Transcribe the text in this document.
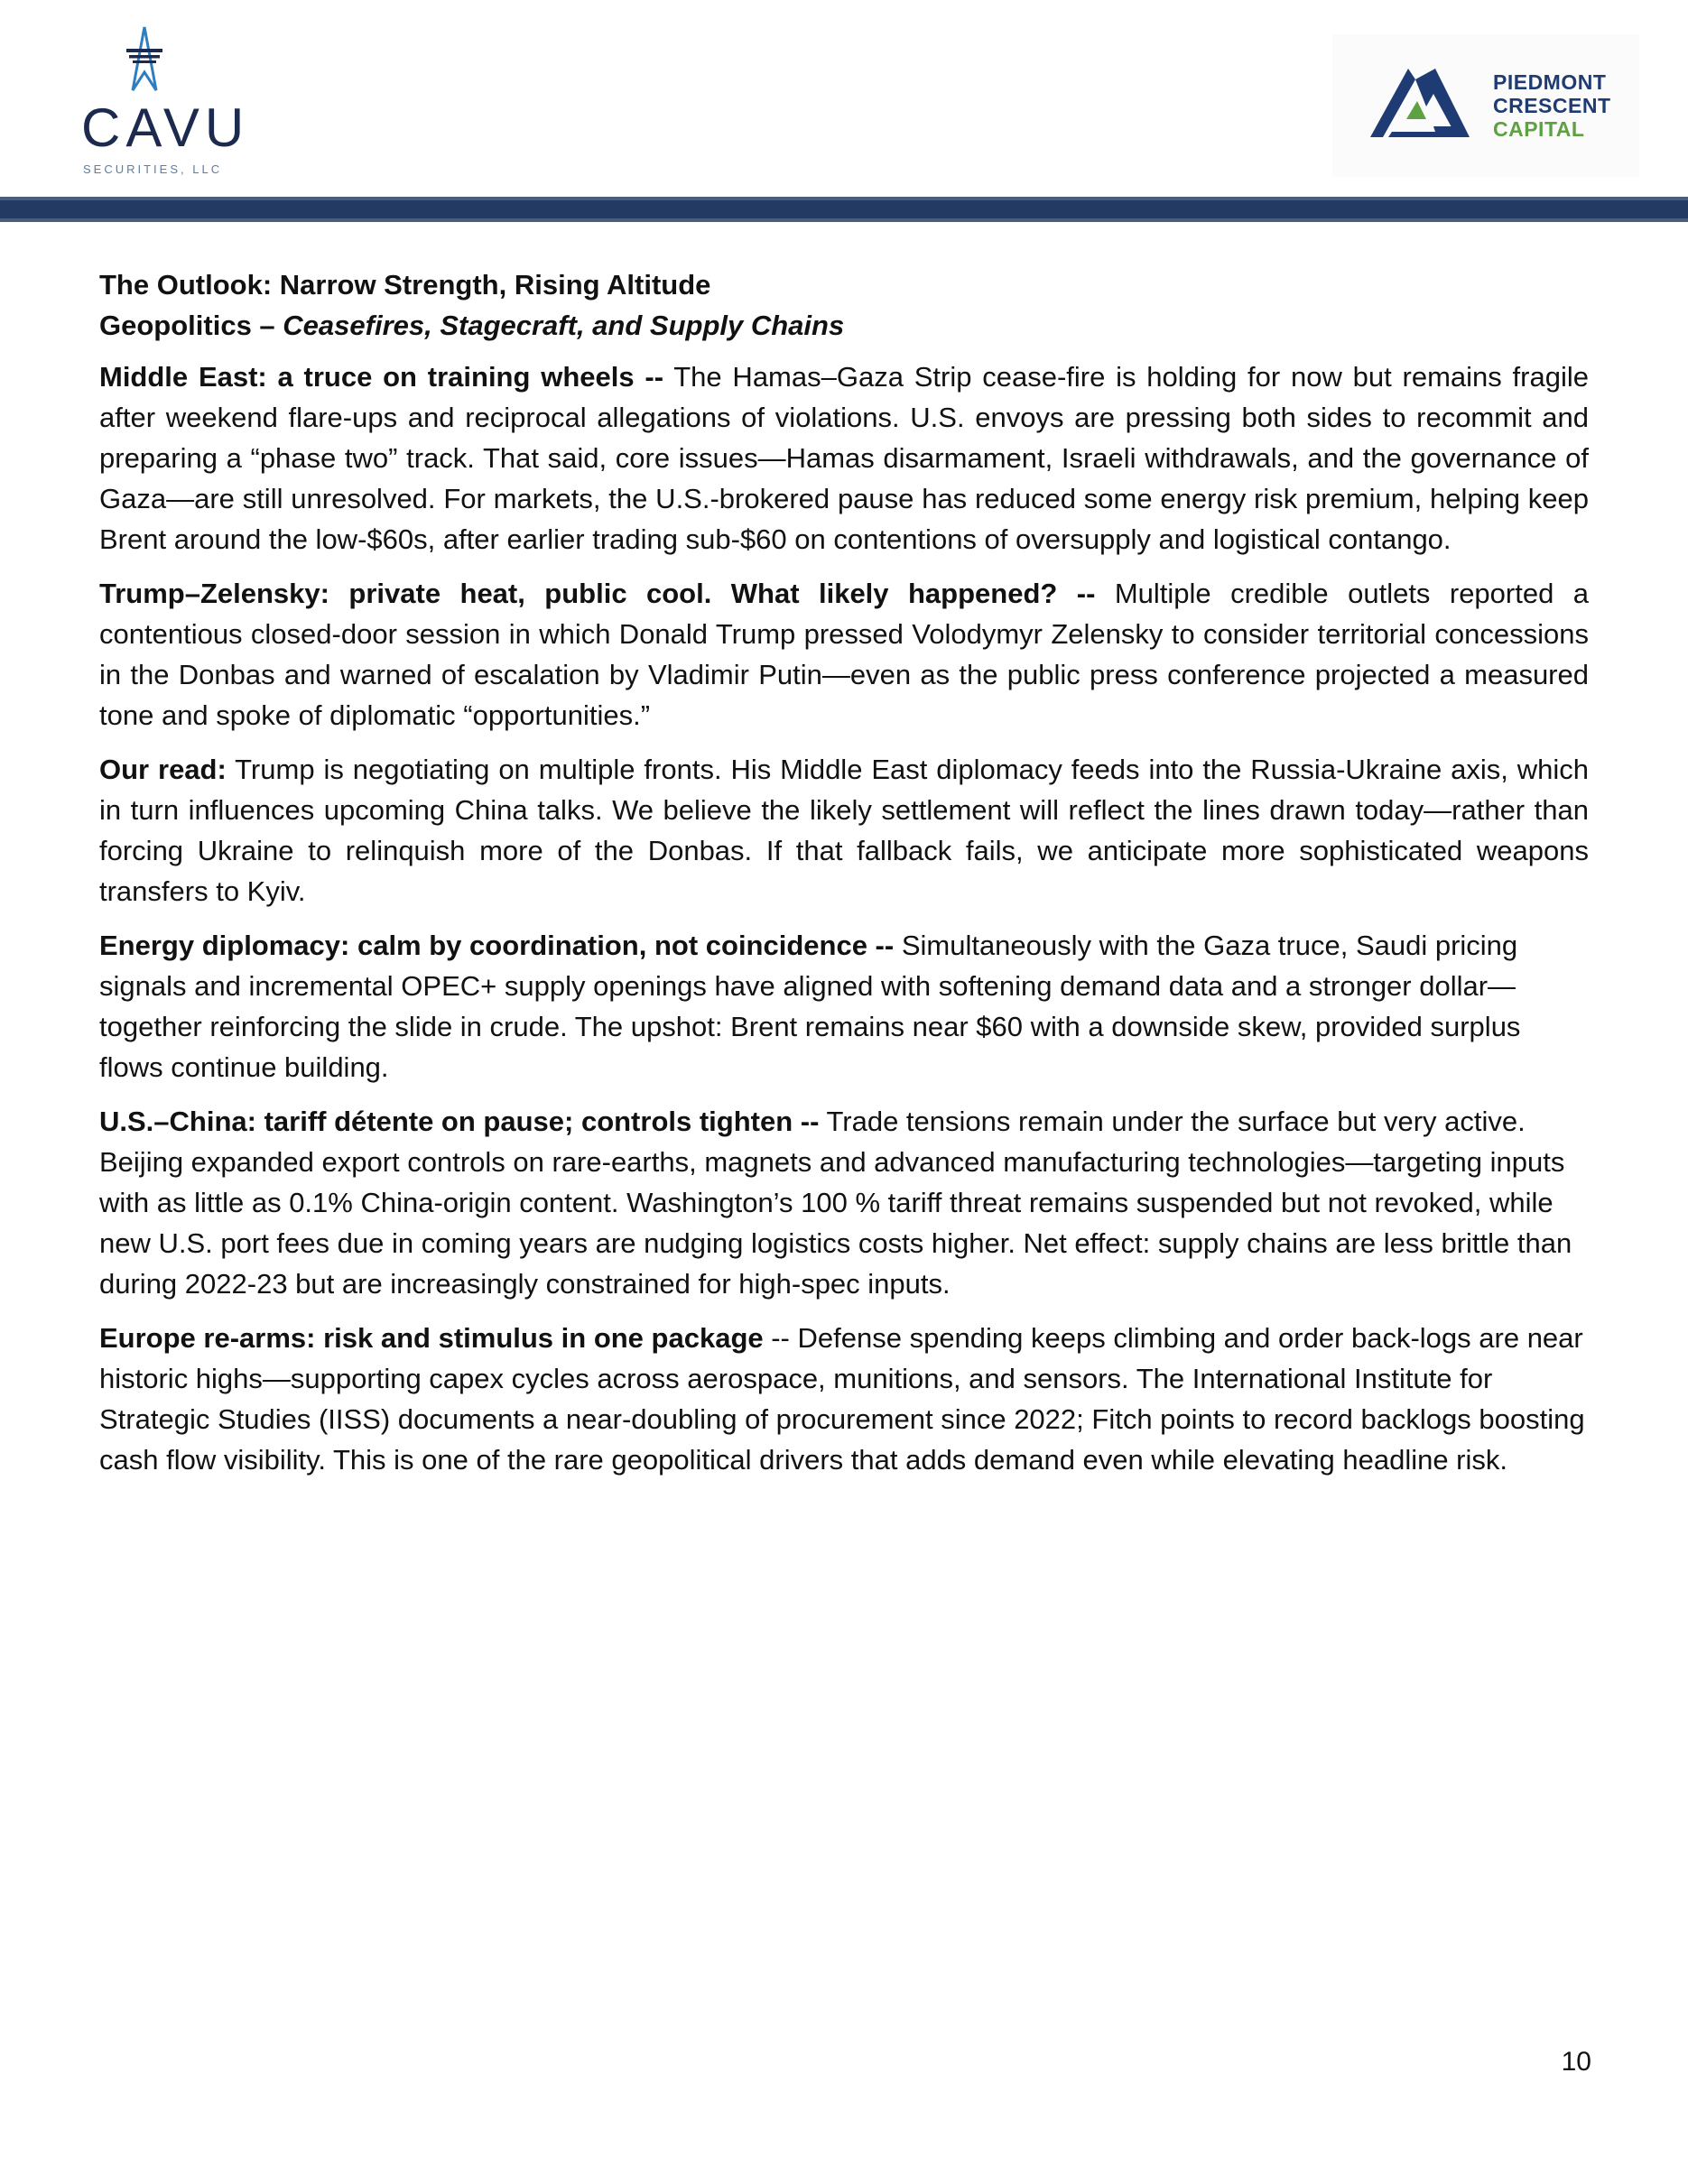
CAVU
SECURITIES, LLC
PIEDMONT
CRESCENT
CAPITAL
The Outlook: Narrow Strength, Rising Altitude
Geopolitics – Ceasefires, Stagecraft, and Supply Chains

Middle East: a truce on training wheels -- The Hamas–Gaza Strip cease-fire is holding for now but remains fragile after weekend flare-ups and reciprocal allegations of violations. U.S. envoys are pressing both sides to recommit and preparing a “phase two” track. That said, core issues—Hamas disarmament, Israeli withdrawals, and the governance of Gaza—are still unresolved. For markets, the U.S.-brokered pause has reduced some energy risk premium, helping keep Brent around the low-$60s, after earlier trading sub-$60 on contentions of oversupply and logistical contango.

Trump–Zelensky: private heat, public cool. What likely happened? -- Multiple credible outlets reported a contentious closed-door session in which Donald Trump pressed Volodymyr Zelensky to consider territorial concessions in the Donbas and warned of escalation by Vladimir Putin—even as the public press conference projected a measured tone and spoke of diplomatic “opportunities.”

Our read: Trump is negotiating on multiple fronts. His Middle East diplomacy feeds into the Russia-Ukraine axis, which in turn influences upcoming China talks. We believe the likely settlement will reflect the lines drawn today—rather than forcing Ukraine to relinquish more of the Donbas. If that fallback fails, we anticipate more sophisticated weapons transfers to Kyiv.

Energy diplomacy: calm by coordination, not coincidence -- Simultaneously with the Gaza truce, Saudi pricing signals and incremental OPEC+ supply openings have aligned with softening demand data and a stronger dollar—together reinforcing the slide in crude. The upshot: Brent remains near $60 with a downside skew, provided surplus flows continue building.

U.S.–China: tariff détente on pause; controls tighten -- Trade tensions remain under the surface but very active. Beijing expanded export controls on rare-earths, magnets and advanced manufacturing technologies—targeting inputs with as little as 0.1% China-origin content. Washington’s 100 % tariff threat remains suspended but not revoked, while new U.S. port fees due in coming years are nudging logistics costs higher. Net effect: supply chains are less brittle than during 2022-23 but are increasingly constrained for high-spec inputs.

Europe re-arms: risk and stimulus in one package -- Defense spending keeps climbing and order back-logs are near historic highs—supporting capex cycles across aerospace, munitions, and sensors. The International Institute for Strategic Studies (IISS) documents a near-doubling of procurement since 2022; Fitch points to record backlogs boosting cash flow visibility. This is one of the rare geopolitical drivers that adds demand even while elevating headline risk.

10
